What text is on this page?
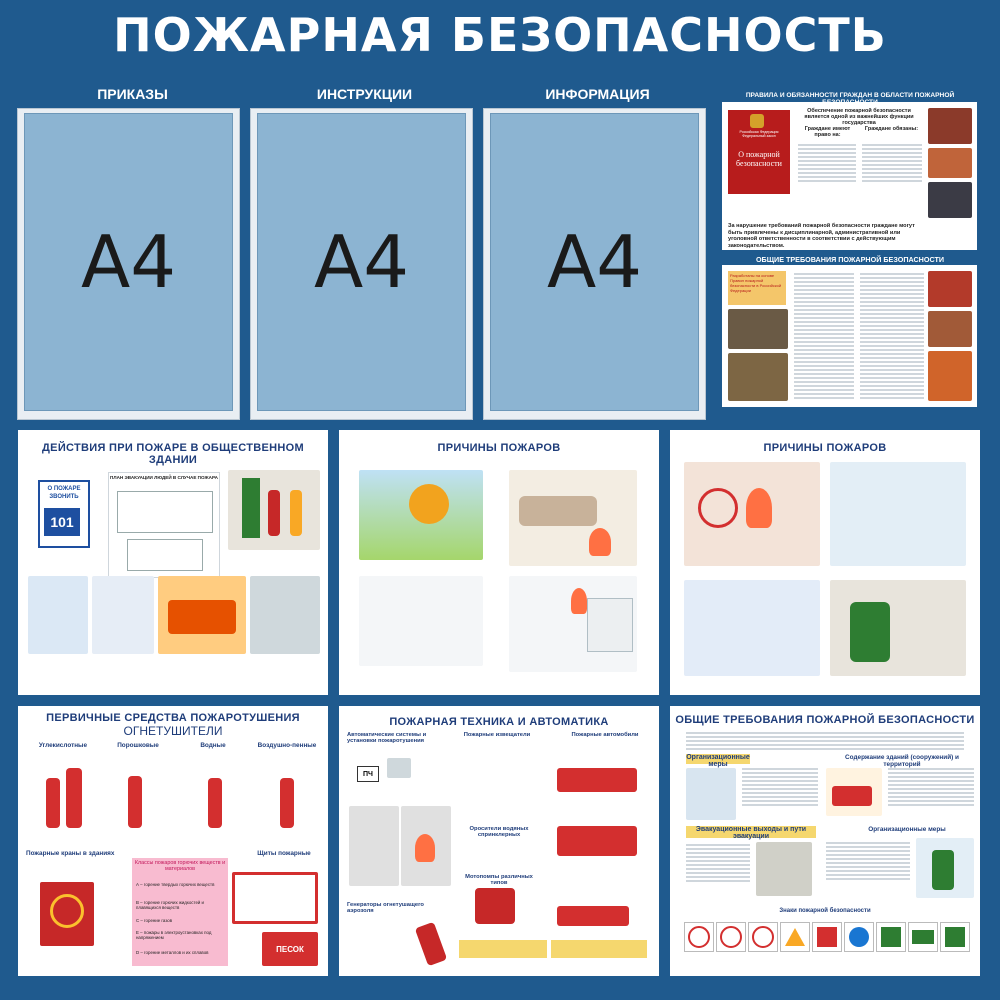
ПОЖАРНАЯ БЕЗОПАСНОСТЬ
ПРИКАЗЫ	ИНСТРУКЦИИ	ИНФОРМАЦИЯ
А4 А4 А4
ПРАВИЛА И ОБЯЗАННОСТИ ГРАЖДАН В ОБЛАСТИ ПОЖАРНОЙ
Российская Федерация Федеральный закон
О пожарной безопасности
Обеспечение пожарной безопасности является одной из важнейших функции государства
Граждане имеют право на:
Граждане обязаны:
За нарушение требований пожарной безопасности граждане могут быть привлечены к дисциплинарной, административной или уголовной ответственности в соответствии с действующим законодательством.
ОБЩИЕ ТРЕБОВАНИЯ ПОЖАРНОЙ БЕЗОПАСНОСТИ
Разработаны на основе Правил пожарной безопасности в Российской Федерации
ДЕЙСТВИЯ ПРИ ПОЖАРЕ В ОБЩЕСТВЕННОМ ЗДАНИИ
О ПОЖАРЕ
ЗВОНИТЬ
101
ПЛАН ЭВАКУАЦИИ ЛЮДЕЙ В СЛУЧАЕ ПОЖАРА
ПРИЧИНЫ ПОЖАРОВ	ПРИЧИНЫ ПОЖАРОВ
ПЕРВИЧНЫЕ СРЕДСТВА ПОЖАРОТУШЕНИЯ
ОГНЕТУШИТЕЛИ
Углекислотные	Порошковые	Водные	Воздушно-пенные
Пожарные краны в зданиях
Классы пожаров горючих веществ и материалов
А – горение твердых горючих веществ
В – горение горючих жидкостей и плавящихся веществ
С – горение газов
Е – пожары в электроустановках под напряжением
D – горение металлов и их сплавов
Щиты пожарные
ПЕСОК
ПОЖАРНАЯ ТЕХНИКА И АВТОМАТИКА
Автоматические системы и установки пожаротушения
Пожарные извещатели	Пожарные автомобили
ПЧ
Оросители водяных спринклерных
Мотопомпы различных типов
Генераторы огнетушащего аэрозоля
ОБЩИЕ ТРЕБОВАНИЯ ПОЖАРНОЙ БЕЗОПАСНОСТИ
Организационные меры
Содержание зданий (сооружений) и территорий
Эвакуационные выходы и пути эвакуации
Организационные меры
Знаки пожарной безопасности
